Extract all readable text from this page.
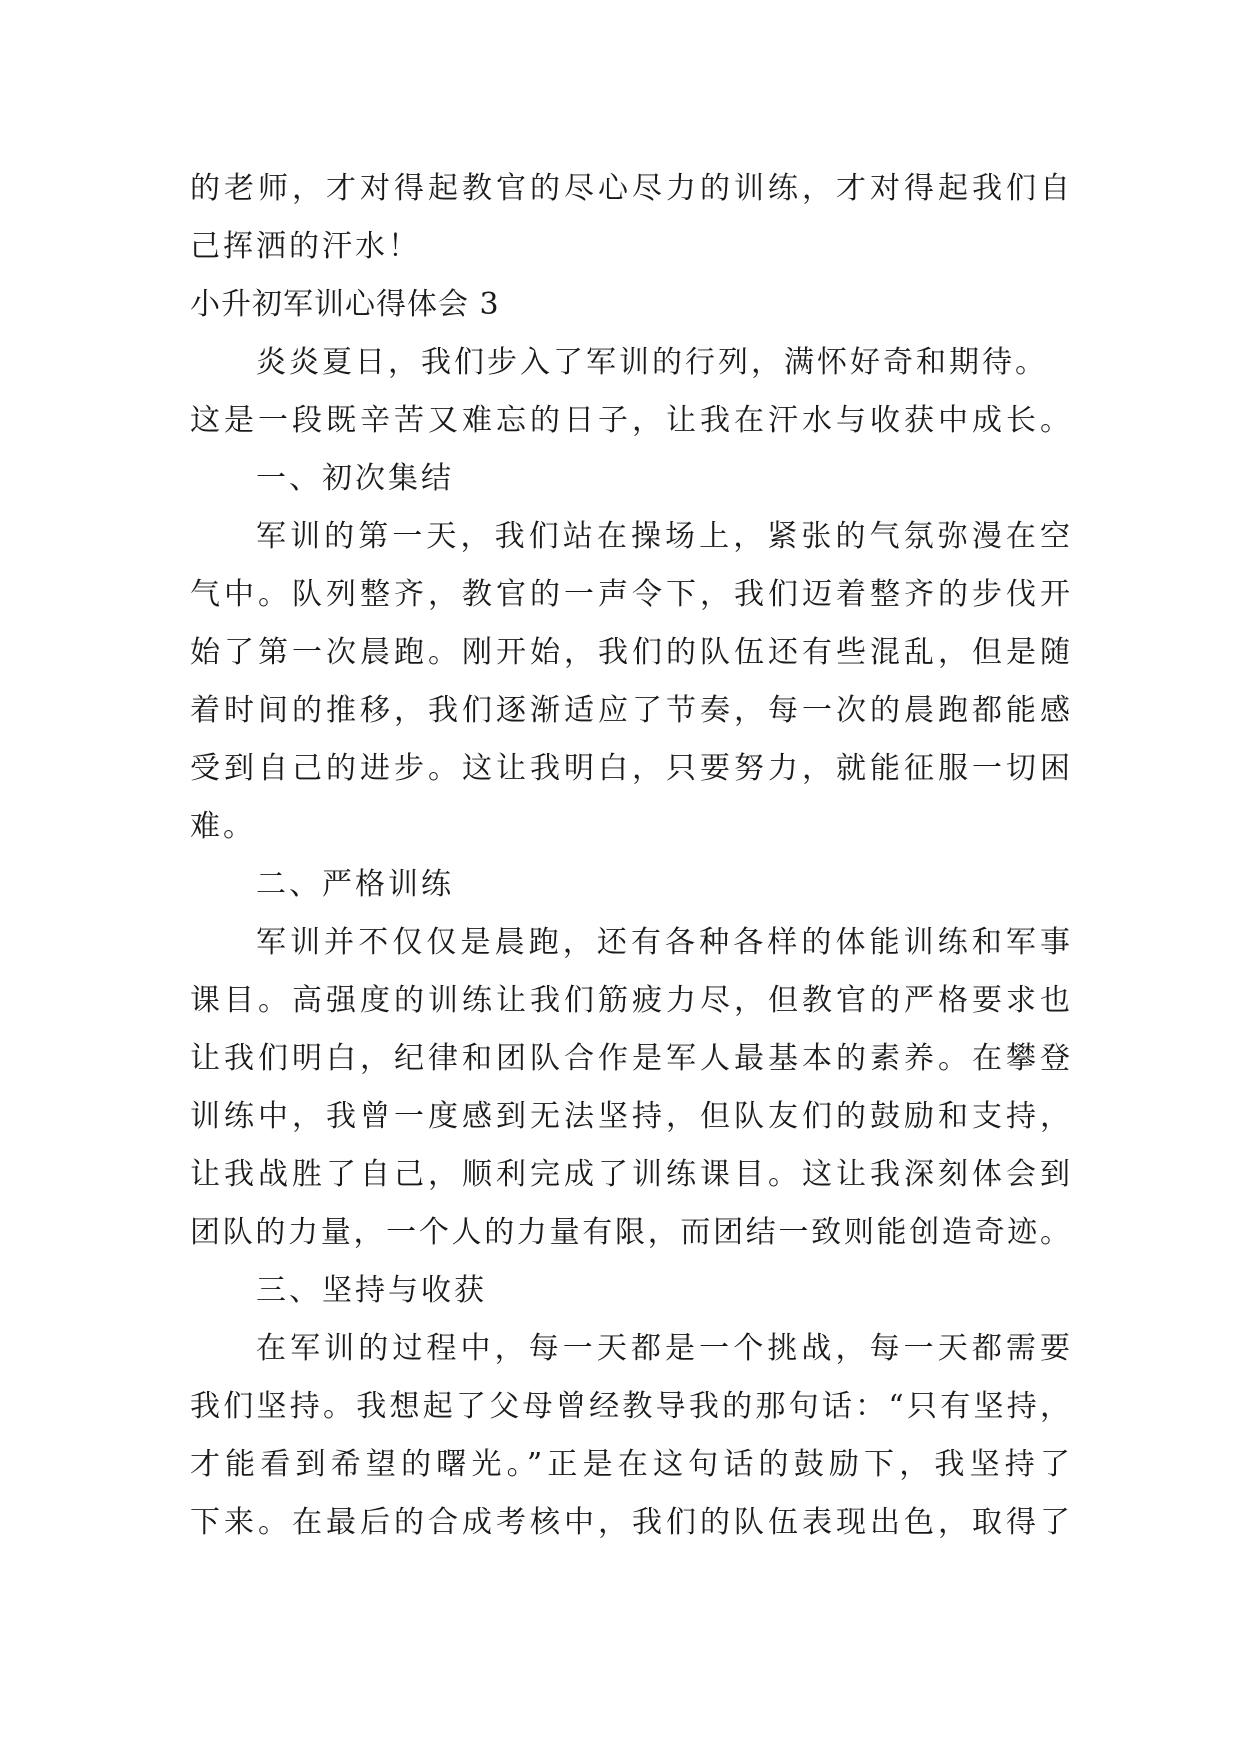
的老师，才对得起教官的尽心尽力的训练，才对得起我们自
己挥洒的汗水！
小升初军训心得体会 3
炎炎夏日，我们步入了军训的行列，满怀好奇和期待。
这是一段既辛苦又难忘的日子，让我在汗水与收获中成长。
一、初次集结
军训的第一天，我们站在操场上，紧张的气氛弥漫在空
气中。队列整齐，教官的一声令下，我们迈着整齐的步伐开
始了第一次晨跑。刚开始，我们的队伍还有些混乱，但是随
着时间的推移，我们逐渐适应了节奏，每一次的晨跑都能感
受到自己的进步。这让我明白，只要努力，就能征服一切困
难。
二、严格训练
军训并不仅仅是晨跑，还有各种各样的体能训练和军事
课目。高强度的训练让我们筋疲力尽，但教官的严格要求也
让我们明白，纪律和团队合作是军人最基本的素养。在攀登
训练中，我曾一度感到无法坚持，但队友们的鼓励和支持，
让我战胜了自己，顺利完成了训练课目。这让我深刻体会到
团队的力量，一个人的力量有限，而团结一致则能创造奇迹。
三、坚持与收获
在军训的过程中，每一天都是一个挑战，每一天都需要
我们坚持。我想起了父母曾经教导我的那句话：“只有坚持，
才能看到希望的曙光。”正是在这句话的鼓励下，我坚持了
下来。在最后的合成考核中，我们的队伍表现出色，取得了
